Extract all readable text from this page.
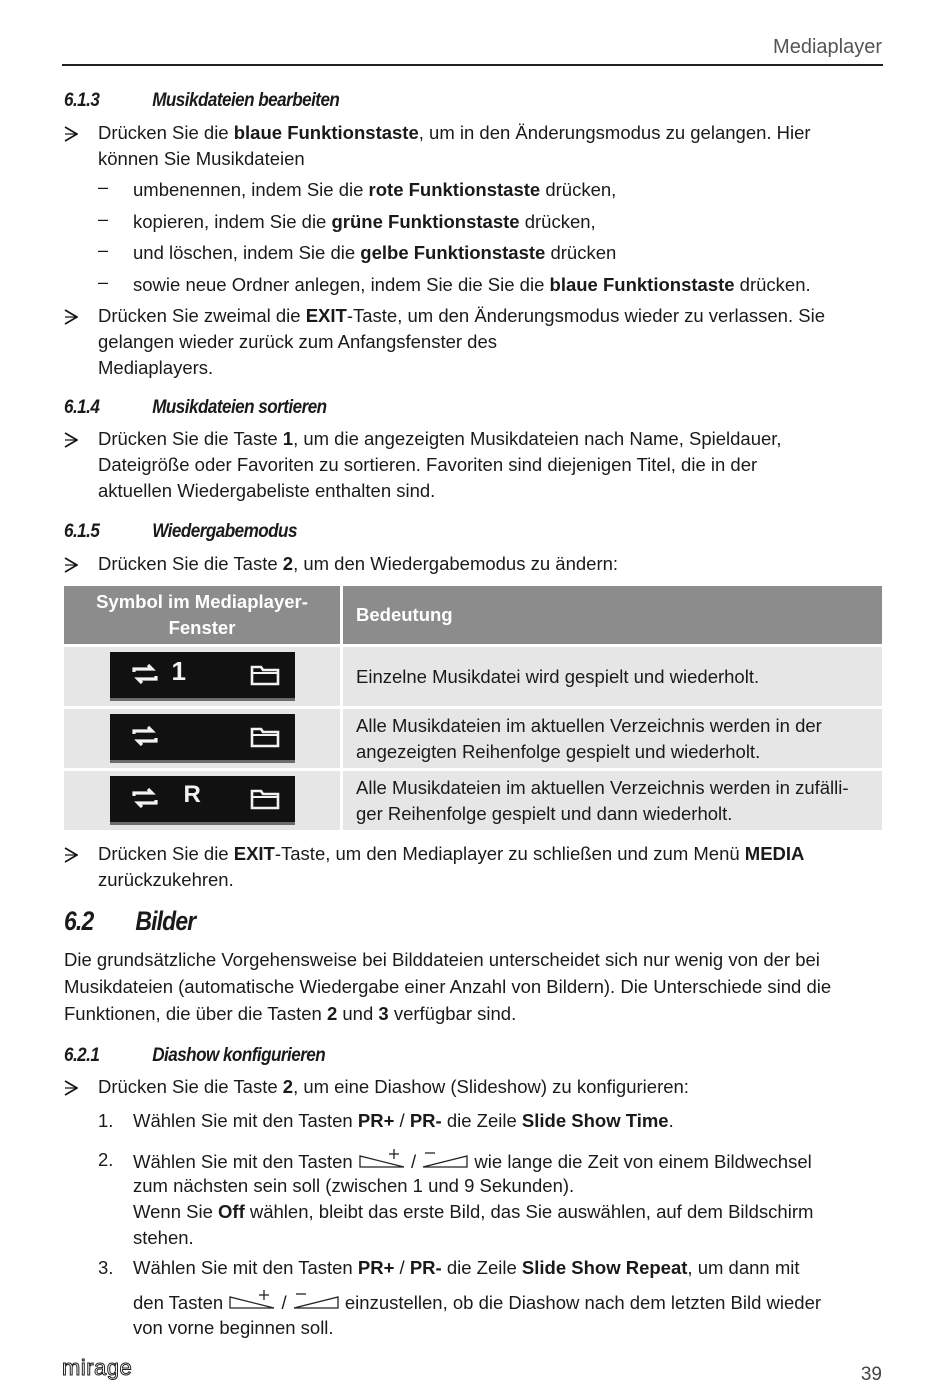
Mediaplayer
6.1.3	Musikdateien bearbeiten
Drücken Sie die blaue Funktionstaste, um in den Änderungsmodus zu gelangen. Hier
können Sie Musikdateien
– umbenennen, indem Sie die rote Funktionstaste drücken,
– kopieren, indem Sie die grüne Funktionstaste drücken,
– und löschen, indem Sie die gelbe Funktionstaste drücken
– sowie neue Ordner anlegen, indem Sie die Sie die blaue Funktionstaste drücken.
Drücken Sie zweimal die EXIT-Taste, um den Änderungsmodus wieder zu verlassen. Sie
gelangen wieder zurück zum Anfangsfenster des
Mediaplayers.
6.1.4	Musikdateien sortieren
Drücken Sie die Taste 1, um die angezeigten Musikdateien nach Name, Spieldauer,
Dateigröße oder Favoriten zu sortieren. Favoriten sind diejenigen Titel, die in der
aktuellen Wiedergabeliste enthalten sind.
6.1.5	Wiedergabemodus
Drücken Sie die Taste 2, um den Wiedergabemodus zu ändern:
Symbol im Mediaplayer-
Fenster	Bedeutung

1	Einzelne Musikdatei wird gespielt und wiederholt.

Alle Musikdateien im aktuellen Verzeichnis werden in der
angezeigten Reihenfolge gespielt und wiederholt.

R	Alle Musikdateien im aktuellen Verzeichnis werden in zufälli-
ger Reihenfolge gespielt und dann wiederholt.
Drücken Sie die EXIT-Taste, um den Mediaplayer zu schließen und zum Menü MEDIA
zurückzukehren.
6.2 Bilder
Die grundsätzliche Vorgehensweise bei Bilddateien unterscheidet sich nur wenig von der bei
Musikdateien (automatische Wiedergabe einer Anzahl von Bildern). Die Unterschiede sind die
Funktionen, die über die Tasten 2 und 3 verfügbar sind.
6.2.1	Diashow konfigurieren
Drücken Sie die Taste 2, um eine Diashow (Slideshow) zu konfigurieren:
1. Wählen Sie mit den Tasten PR+ / PR- die Zeile Slide Show Time.
2. Wählen Sie mit den Tasten	/	wie lange die Zeit von einem Bildwechsel
zum nächsten sein soll (zwischen 1 und 9 Sekunden).
Wenn Sie Off wählen, bleibt das erste Bild, das Sie auswählen, auf dem Bildschirm
stehen.
3. Wählen Sie mit den Tasten PR+ / PR- die Zeile Slide Show Repeat, um dann mit
den Tasten	/	einzustellen, ob die Diashow nach dem letzten Bild wieder
von vorne beginnen soll.
mirage	39
